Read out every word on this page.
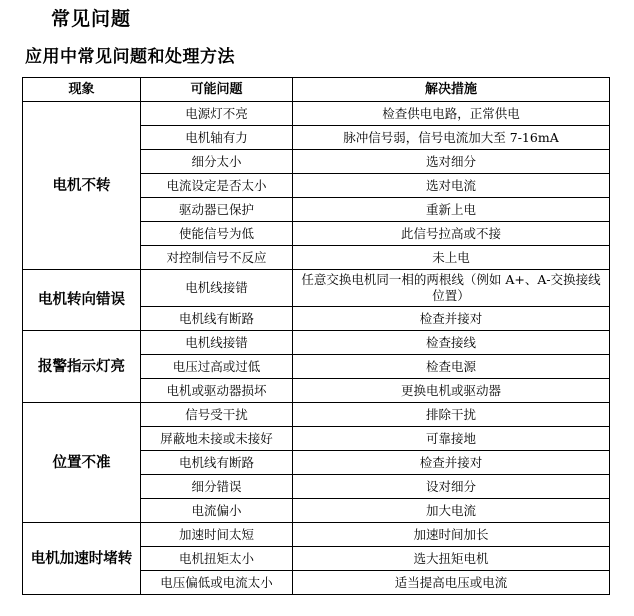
常见问题
应用中常见问题和处理方法
现象	可能问题	解决措施
电机不转	电源灯不亮	检查供电电路，正常供电
	电机轴有力	脉冲信号弱，信号电流加大至 7-16mA
	细分太小	选对细分
	电流设定是否太小	选对电流
	驱动器已保护	重新上电
	使能信号为低	此信号拉高或不接
	对控制信号不反应	未上电
电机转向错误	电机线接错	任意交换电机同一相的两根线（例如 A+、A-交换接线位置）
	电机线有断路	检查并接对
报警指示灯亮	电机线接错	检查接线
	电压过高或过低	检查电源
	电机或驱动器损坏	更换电机或驱动器
位置不准	信号受干扰	排除干扰
	屏蔽地未接或未接好	可靠接地
	电机线有断路	检查并接对
	细分错误	设对细分
	电流偏小	加大电流
电机加速时堵转	加速时间太短	加速时间加长
	电机扭矩太小	选大扭矩电机
	电压偏低或电流太小	适当提高电压或电流
